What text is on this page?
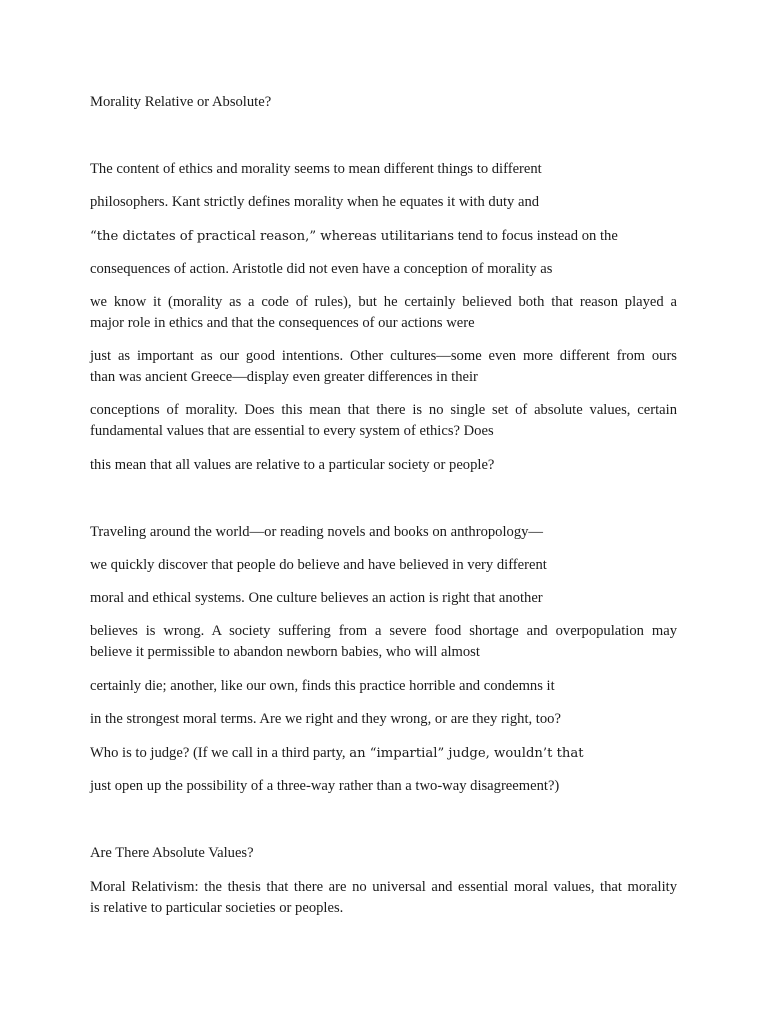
Morality Relative or Absolute?
The content of ethics and morality seems to mean different things to different
philosophers. Kant strictly defines morality when he equates it with duty and
“the dictates of practical reason,” whereas utilitarians tend to focus instead on the
consequences of action. Aristotle did not even have a conception of morality as
we know it (morality as a code of rules), but he certainly believed both that reason played a
major role in ethics and that the consequences of our actions were
just as important as our good intentions. Other cultures—some even more different from ours
than was ancient Greece—display even greater differences in their
conceptions of morality. Does this mean that there is no single set of absolute values, certain
fundamental values that are essential to every system of ethics? Does
this mean that all values are relative to a particular society or people?
Traveling around the world—or reading novels and books on anthropology—
we quickly discover that people do believe and have believed in very different
moral and ethical systems. One culture believes an action is right that another
believes is wrong. A society suffering from a severe food shortage and overpopulation may
believe it permissible to abandon newborn babies, who will almost
certainly die; another, like our own, finds this practice horrible and condemns it
in the strongest moral terms. Are we right and they wrong, or are they right, too?
Who is to judge? (If we call in a third party, an “impartial” judge, wouldn’t that
just open up the possibility of a three-way rather than a two-way disagreement?)
Are There Absolute Values?
Moral Relativism: the thesis that there are no universal and essential moral values, that morality
is relative to particular societies or peoples.
